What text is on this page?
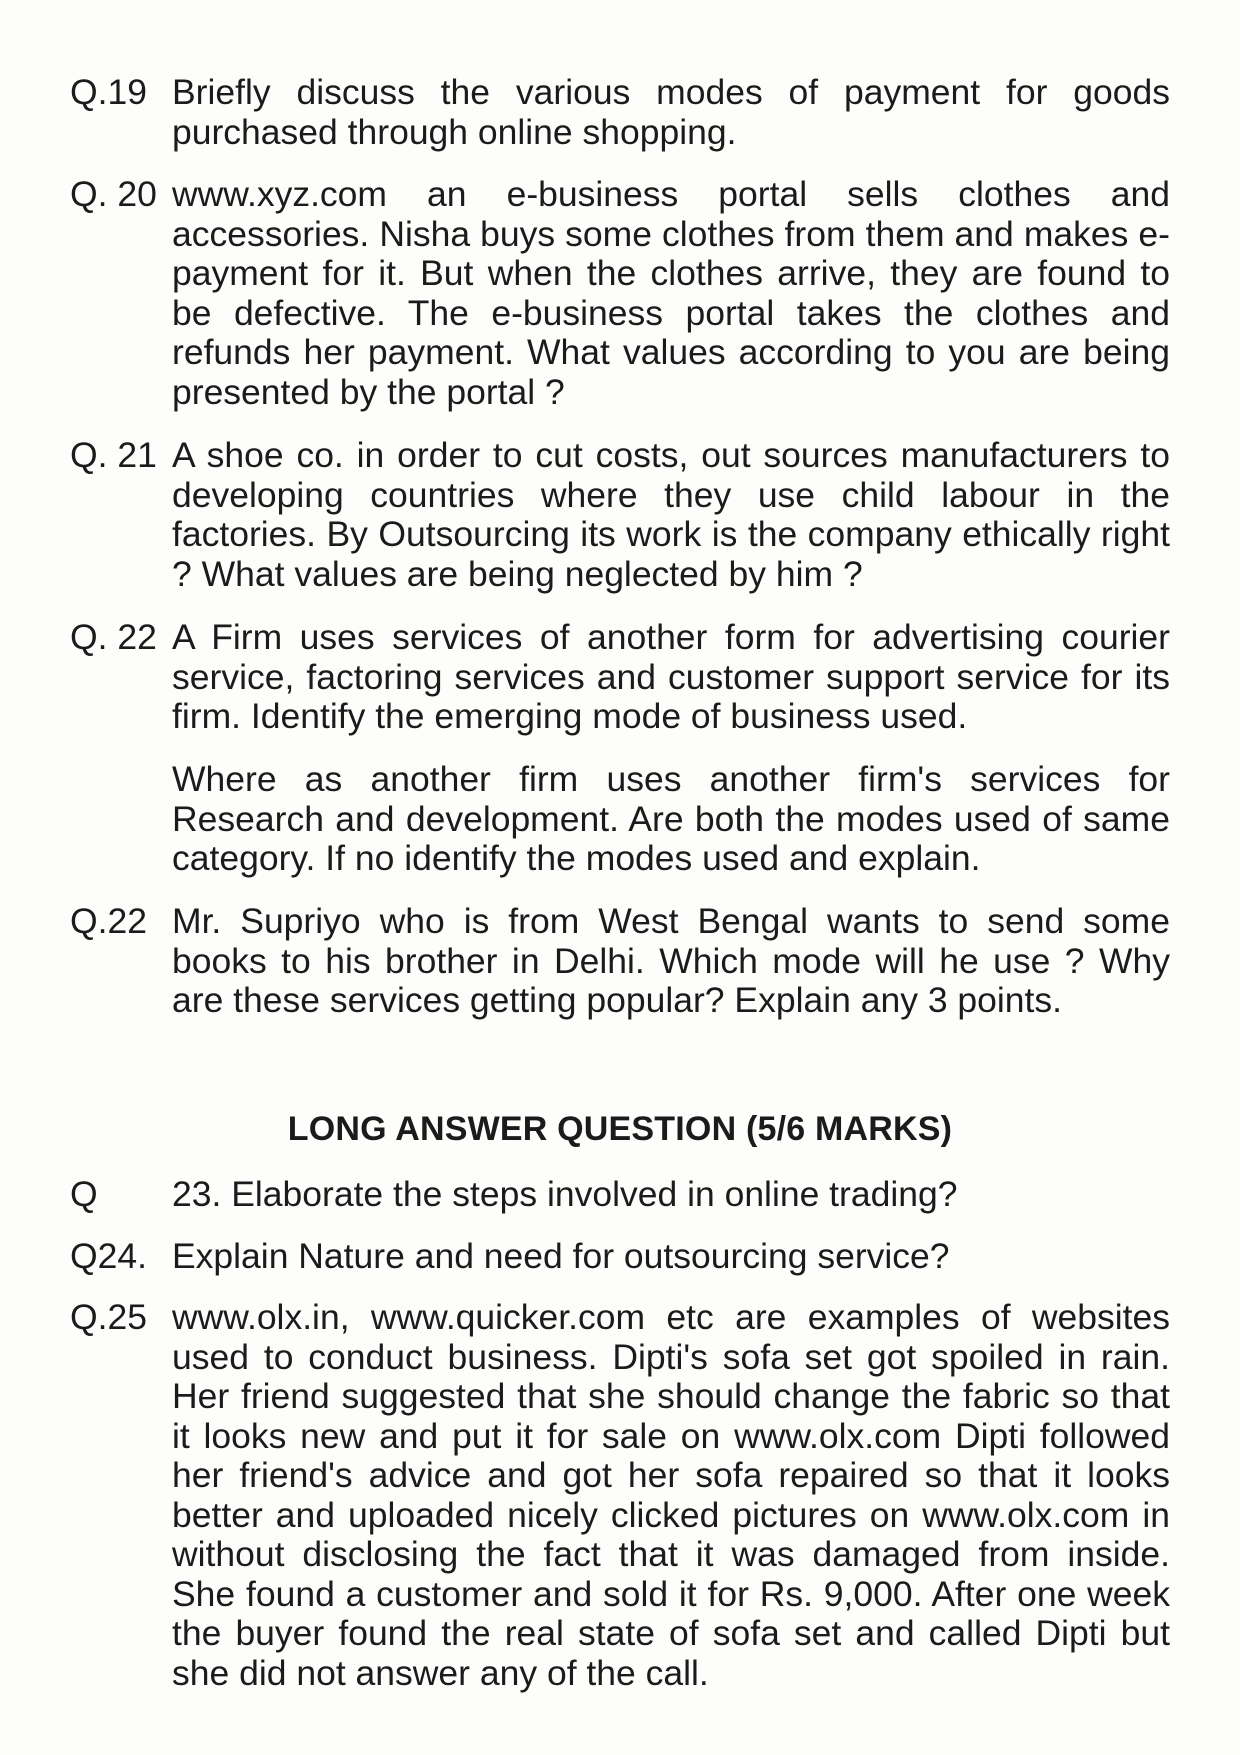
Q.19 Briefly discuss the various modes of payment for goods purchased through online shopping.
Q. 20 www.xyz.com an e-business portal sells clothes and accessories. Nisha buys some clothes from them and makes e-payment for it. But when the clothes arrive, they are found to be defective. The e-business portal takes the clothes and refunds her payment. What values according to you are being presented by the portal ?
Q. 21 A shoe co. in order to cut costs, out sources manufacturers to developing countries where they use child labour in the factories. By Outsourcing its work is the company ethically right ? What values are being neglected by him ?
Q. 22 A Firm uses services of another form for advertising courier service, factoring services and customer support service for its firm. Identify the emerging mode of business used.
Where as another firm uses another firm's services for Research and development. Are both the modes used of same category. If no identify the modes used and explain.
Q.22 Mr. Supriyo who is from West Bengal wants to send some books to his brother in Delhi. Which mode will he use ? Why are these services getting popular? Explain any 3 points.
LONG ANSWER QUESTION (5/6 MARKS)
Q	23. Elaborate the steps involved in online trading?
Q24. Explain Nature and need for outsourcing service?
Q.25 www.olx.in, www.quicker.com etc are examples of websites used to conduct business. Dipti's sofa set got spoiled in rain. Her friend suggested that she should change the fabric so that it looks new and put it for sale on www.olx.com Dipti followed her friend's advice and got her sofa repaired so that it looks better and uploaded nicely clicked pictures on www.olx.com in without disclosing the fact that it was damaged from inside. She found a customer and sold it for Rs. 9,000. After one week the buyer found the real state of sofa set and called Dipti but she did not answer any of the call.
